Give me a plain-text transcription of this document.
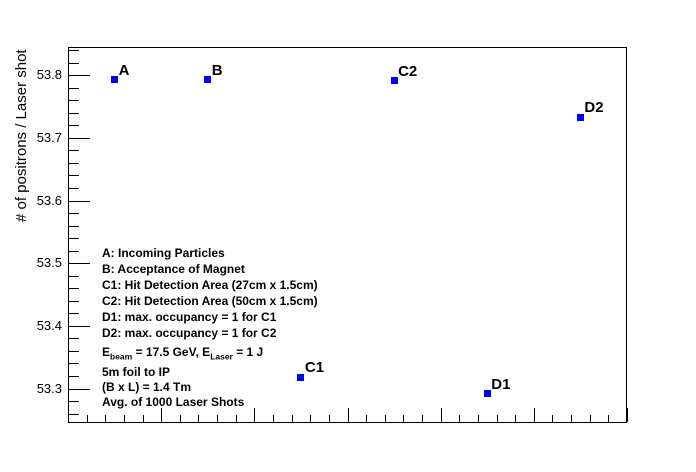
# of positrons / Laser shot
53.3
53.4
53.5
53.6
53.7
53.8	A	B
C1
C2
D1
D2
A: Incoming Particles
B: Acceptance of Magnet
C1: Hit Detection Area (27cm x 1.5cm)
C2: Hit Detection Area (50cm x 1.5cm)
D1: max. occupancy = 1 for C1
D2: max. occupancy = 1 for C2
$E_{beam} = 17.5$ GeV, $E_{Laser} = 1$ J
5m foil to IP
(B x L) = 1.4 Tm
Avg. of 1000 Laser Shots
